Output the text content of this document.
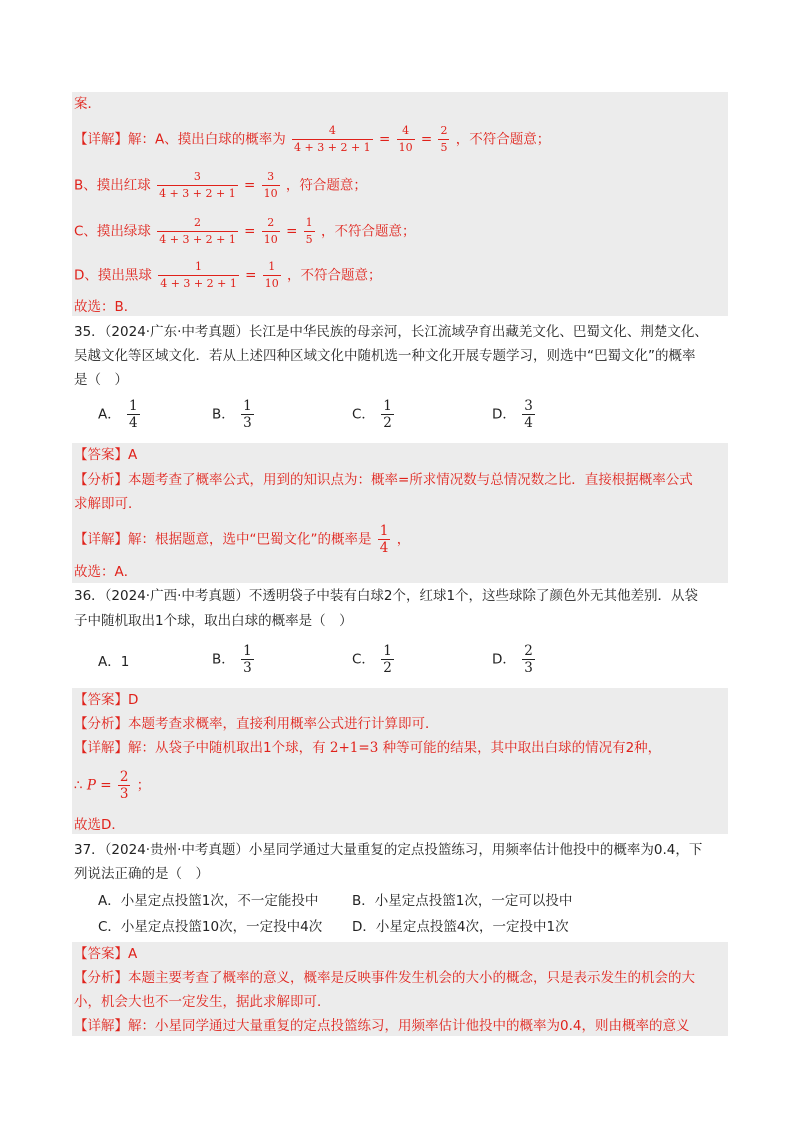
案．
【详解】解：A、摸出白球的概率为 $\frac{4}{4 + 3 + 2 + 1} = \frac{4}{10} = \frac{2}{5}$ ，不符合题意；
B、摸出红球 $\frac{3}{4 + 3 + 2 + 1} = \frac{3}{10}$ ，符合题意；
C、摸出绿球 $\frac{2}{4 + 3 + 2 + 1} = \frac{2}{10} = \frac{1}{5}$ ，不符合题意；
D、摸出黑球 $\frac{1}{4 + 3 + 2 + 1} = \frac{1}{10}$ ，不符合题意；
故选：B．
35．（2024·广东·中考真题）长江是中华民族的母亲河，长江流域孕育出藏羌文化、巴蜀文化、荆楚文化、
吴越文化等区域文化．若从上述四种区域文化中随机选一种文化开展专题学习，则选中“巴蜀文化”的概率
是（　）
A． $\frac{1}{4}$	B． $\frac{1}{3}$	C． $\frac{1}{2}$	D． $\frac{3}{4}$
【答案】A
【分析】本题考查了概率公式，用到的知识点为：概率=所求情况数与总情况数之比．直接根据概率公式
求解即可．
【详解】解：根据题意，选中“巴蜀文化”的概率是 $\frac{1}{4}$ ，
故选：A．
36．（2024·广西·中考真题）不透明袋子中装有白球2个，红球1个，这些球除了颜色外无其他差别．从袋
子中随机取出1个球，取出白球的概率是（　）
A．1	B． $\frac{1}{3}$	C． $\frac{1}{2}$	D． $\frac{2}{3}$
【答案】D
【分析】本题考查求概率，直接利用概率公式进行计算即可．
【详解】解：从袋子中随机取出1个球，有 2+1=3 种等可能的结果，其中取出白球的情况有2种，
∴ $P = \frac{2}{3}$ ；
故选D．
37．（2024·贵州·中考真题）小星同学通过大量重复的定点投篮练习，用频率估计他投中的概率为0.4，下
列说法正确的是（　）
A．小星定点投篮1次，不一定能投中 B．小星定点投篮1次，一定可以投中
C．小星定点投篮10次，一定投中4次 D．小星定点投篮4次，一定投中1次
【答案】A
【分析】本题主要考查了概率的意义，概率是反映事件发生机会的大小的概念，只是表示发生的机会的大
小，机会大也不一定发生，据此求解即可．
【详解】解：小星同学通过大量重复的定点投篮练习，用频率估计他投中的概率为0.4，则由概率的意义
